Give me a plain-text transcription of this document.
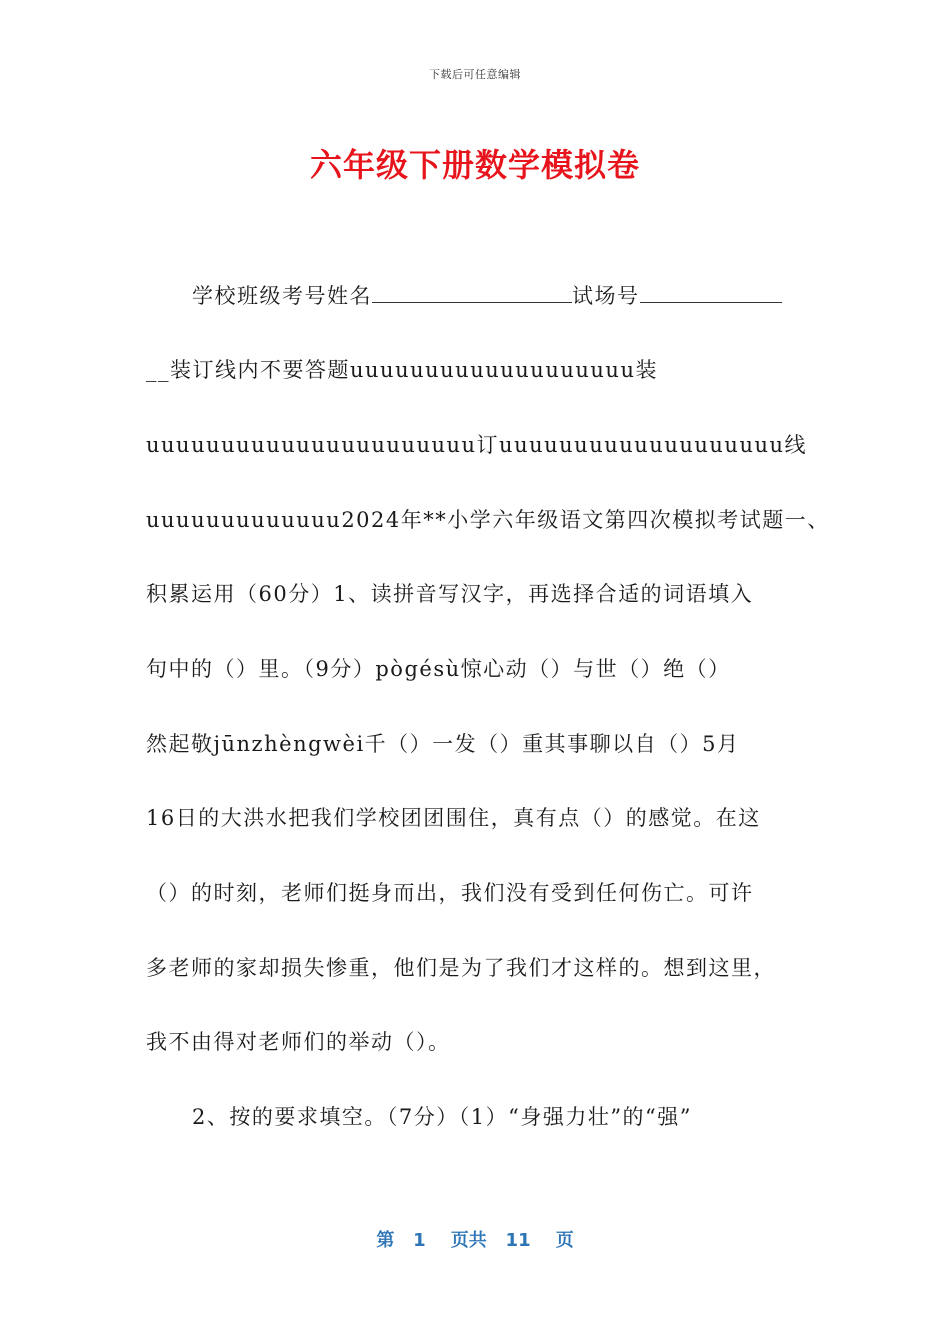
下载后可任意编辑
六年级下册数学模拟卷
学校班级考号姓名	试场号
__装订线内不要答题uuuuuuuuuuuuuuuuuuu装
uuuuuuuuuuuuuuuuuuuuuu订uuuuuuuuuuuuuuuuuuu线
uuuuuuuuuuuuu2024年**小学六年级语文第四次模拟考试题一、
积累运用（60分）1、读拼音写汉字，再选择合适的词语填入
句中的（）里。（9分）pògésù惊心动（）与世（）绝（）
然起敬jūnzhèngwèi千（）一发（）重其事聊以自（）5月
16日的大洪水把我们学校团团围住，真有点（）的感觉。在这
（）的时刻，老师们挺身而出，我们没有受到任何伤亡。可许
多老师的家却损失惨重，他们是为了我们才这样的。想到这里，
我不由得对老师们的举动（）。
2、按的要求填空。（7分）（1）“身强力壮”的“强”
第 1 页共 11 页
